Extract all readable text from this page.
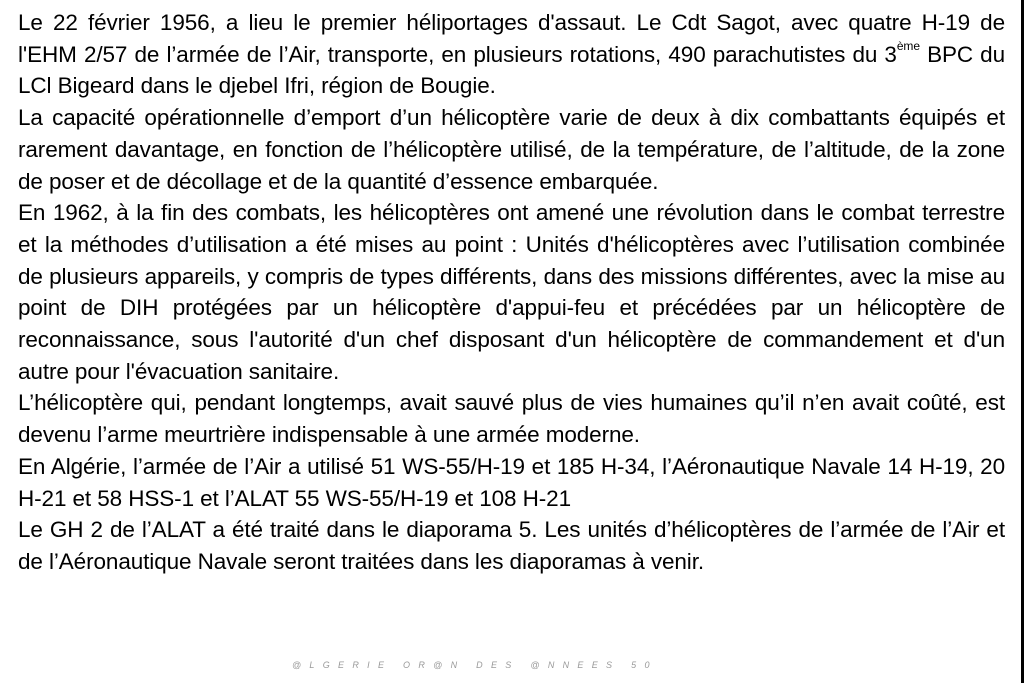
Le 22 février 1956, a lieu le premier héliportages d'assaut. Le Cdt Sagot, avec quatre H-19 de l'EHM 2/57 de l’armée de l’Air, transporte, en plusieurs rotations, 490 parachutistes du 3ème BPC du LCl Bigeard dans le djebel Ifri, région de Bougie.

La capacité opérationnelle d’emport d’un hélicoptère varie de deux à dix combattants équipés et rarement davantage, en fonction de l’hélicoptère utilisé, de la température, de l’altitude, de la zone de poser et de décollage et de la quantité d’essence embarquée.

En 1962, à la fin des combats, les hélicoptères ont amené une révolution dans le combat terrestre et la méthodes d’utilisation a été mises au point : Unités d'hélicoptères avec l’utilisation combinée de plusieurs appareils, y compris de types différents, dans des missions différentes, avec la mise au point de DIH protégées par un hélicoptère d'appui-feu et précédées par un hélicoptère de reconnaissance, sous l'autorité d'un chef disposant d'un hélicoptère de commandement et d'un autre pour l'évacuation sanitaire.

L’hélicoptère qui, pendant longtemps, avait sauvé plus de vies humaines qu’il n’en avait coûté, est devenu l’arme meurtrière indispensable à une armée moderne.

En Algérie, l’armée de l’Air a utilisé 51 WS-55/H-19 et 185 H-34, l’Aéronautique Navale 14 H-19, 20 H-21 et 58 HSS-1 et l’ALAT 55 WS-55/H-19 et 108 H-21

Le GH 2 de l’ALAT a été traité dans le diaporama 5. Les unités d’hélicoptères de l’armée de l’Air et de l’Aéronautique Navale seront traitées dans les diaporamas à venir.

@LGERIE OR@N DES @NNEES 50
